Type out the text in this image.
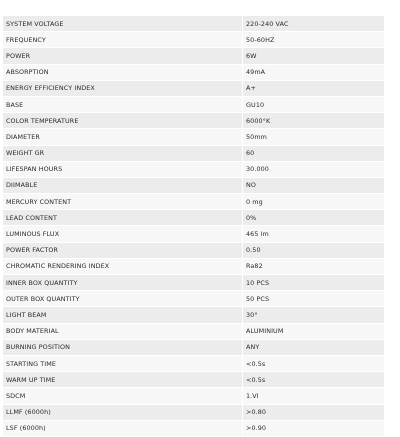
SYSTEM VOLTAGE	220-240 VAC
FREQUENCY	50-60HZ
POWER	6W
ABSORPTION	49mA
ENERGY EFFICIENCY INDEX	A+
BASE	GU10
COLOR TEMPERATURE	6000°K
DIAMETER	50mm
WEIGHT GR	60
LIFESPAN HOURS	30.000
DIIMABLE	NO
MERCURY CONTENT	0 mg
LEAD CONTENT	0%
LUMINOUS FLUX	465 lm
POWER FACTOR	0.50
CHROMATIC RENDERING INDEX	Ra82
INNER BOX QUANTITY	10 PCS
OUTER BOX QUANTITY	50 PCS
LIGHT BEAM	30°
BODY MATERIAL	ALUMINIUM
BURNING POSITION	ANY
STARTING TIME	<0.5s
WARM UP TIME	<0.5s
SDCM	1.VI
LLMF (6000h)	>0.80
LSF (6000h)	>0.90
